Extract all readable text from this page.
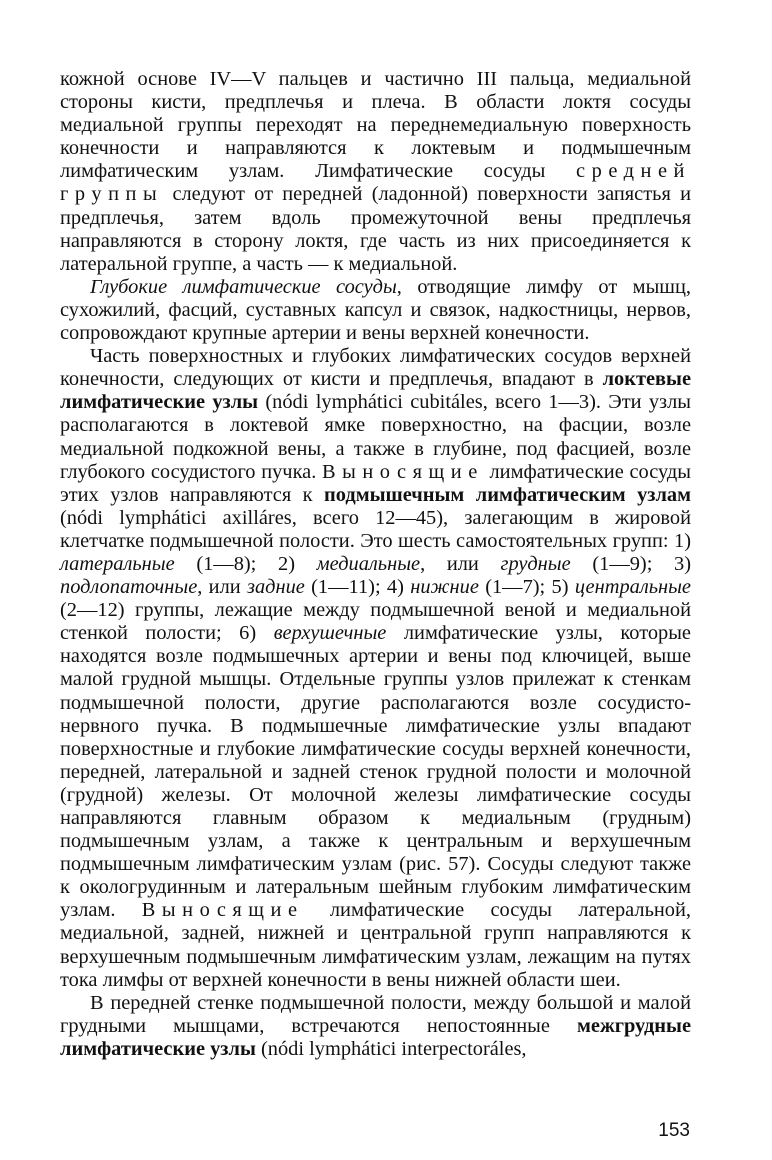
кожной основе IV—V пальцев и частично III пальца, медиальной стороны кисти, предплечья и плеча. В области локтя сосуды медиальной группы переходят на переднемедиальную поверхность конечности и направляются к локтевым и подмышечным лимфатическим узлам. Лимфатические сосуды средней группы следуют от передней (ладонной) поверхности запястья и предплечья, затем вдоль промежуточной вены предплечья направляются в сторону локтя, где часть из них присоединяется к латеральной группе, а часть — к медиальной.

Глубокие лимфатические сосуды, отводящие лимфу от мышц, сухожилий, фасций, суставных капсул и связок, надкостницы, нервов, сопровождают крупные артерии и вены верхней конечности.

Часть поверхностных и глубоких лимфатических сосудов верхней конечности, следующих от кисти и предплечья, впадают в локтевые лимфатические узлы (nódi lymphátici cubitáles, всего 1—3). Эти узлы располагаются в локтевой ямке поверхностно, на фасции, возле медиальной подкожной вены, а также в глубине, под фасцией, возле глубокого сосудистого пучка. Выносящие лимфатические сосуды этих узлов направляются к подмышечным лимфатическим узлам (nódi lymphátici axilláres, всего 12—45), залегающим в жировой клетчатке подмышечной полости. Это шесть самостоятельных групп: 1) латеральные (1—8); 2) медиальные, или грудные (1—9); 3) подлопаточные, или задние (1—11); 4) нижние (1—7); 5) центральные (2—12) группы, лежащие между подмышечной веной и медиальной стенкой полости; 6) верхушечные лимфатические узлы, которые находятся возле подмышечных артерии и вены под ключицей, выше малой грудной мышцы. Отдельные группы узлов прилежат к стенкам подмышечной полости, другие располагаются возле сосудисто-нервного пучка. В подмышечные лимфатические узлы впадают поверхностные и глубокие лимфатические сосуды верхней конечности, передней, латеральной и задней стенок грудной полости и молочной (грудной) железы. От молочной железы лимфатические сосуды направляются главным образом к медиальным (грудным) подмышечным узлам, а также к центральным и верхушечным подмышечным лимфатическим узлам (рис. 57). Сосуды следуют также к окологрудинным и латеральным шейным глубоким лимфатическим узлам. Выносящие лимфатические сосуды латеральной, медиальной, задней, нижней и центральной групп направляются к верхушечным подмышечным лимфатическим узлам, лежащим на путях тока лимфы от верхней конечности в вены нижней области шеи.

В передней стенке подмышечной полости, между большой и малой грудными мышцами, встречаются непостоянные межгрудные лимфатические узлы (nódi lymphátici interpectoráles,

153
